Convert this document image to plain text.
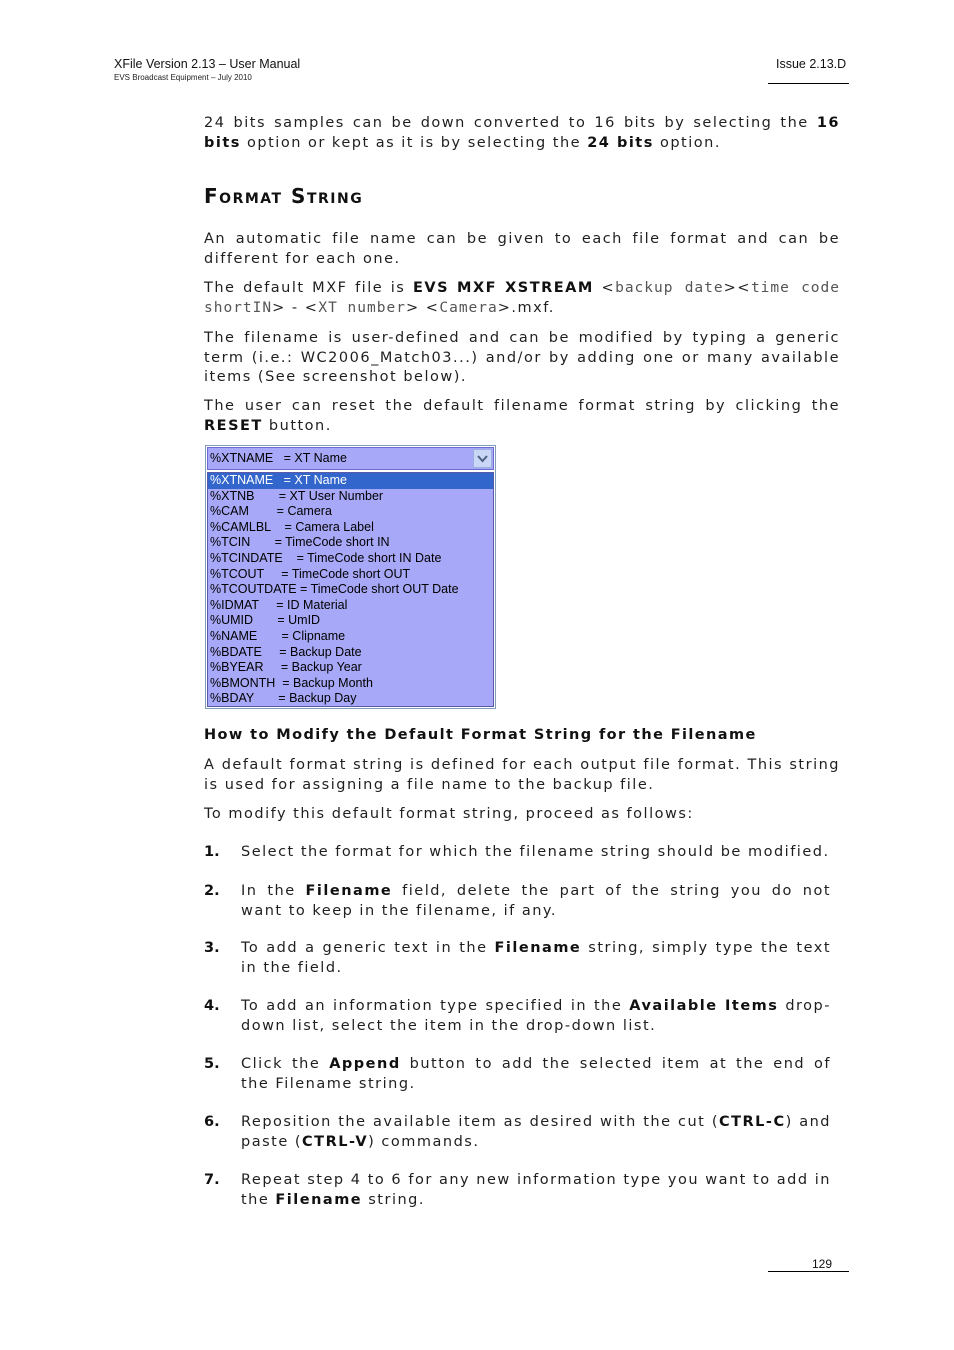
XFile Version 2.13 – User Manual
EVS Broadcast Equipment – July 2010
Issue 2.13.D

24 bits samples can be down converted to 16 bits by selecting the 16 bits option or kept as it is by selecting the 24 bits option.

Format String

An automatic file name can be given to each file format and can be different for each one.

The default MXF file is EVS MXF XSTREAM <backup date><time code shortIN> - <XT number> <Camera>.mxf.

The filename is user-defined and can be modified by typing a generic term (i.e.: WC2006_Match03...) and/or by adding one or many available items (See screenshot below).

The user can reset the default filename format string by clicking the RESET button.

%XTNAME   = XT Name
%XTNAME   = XT Name
%XTNB       = XT User Number
%CAM        = Camera
%CAMLBL    = Camera Label
%TCIN       = TimeCode short IN
%TCINDATE    = TimeCode short IN Date
%TCOUT     = TimeCode short OUT
%TCOUTDATE = TimeCode short OUT Date
%IDMAT     = ID Material
%UMID       = UmID
%NAME       = Clipname
%BDATE     = Backup Date
%BYEAR     = Backup Year
%BMONTH  = Backup Month
%BDAY       = Backup Day
How to Modify the Default Format String for the Filename

A default format string is defined for each output file format. This string is used for assigning a file name to the backup file.

To modify this default format string, proceed as follows:

1. Select the format for which the filename string should be modified.
2. In the Filename field, delete the part of the string you do not want to keep in the filename, if any.
3. To add a generic text in the Filename string, simply type the text in the field.
4. To add an information type specified in the Available Items drop-down list, select the item in the drop-down list.
5. Click the Append button to add the selected item at the end of the Filename string.
6. Reposition the available item as desired with the cut (CTRL-C) and paste (CTRL-V) commands.
7. Repeat step 4 to 6 for any new information type you want to add in the Filename string.
129
